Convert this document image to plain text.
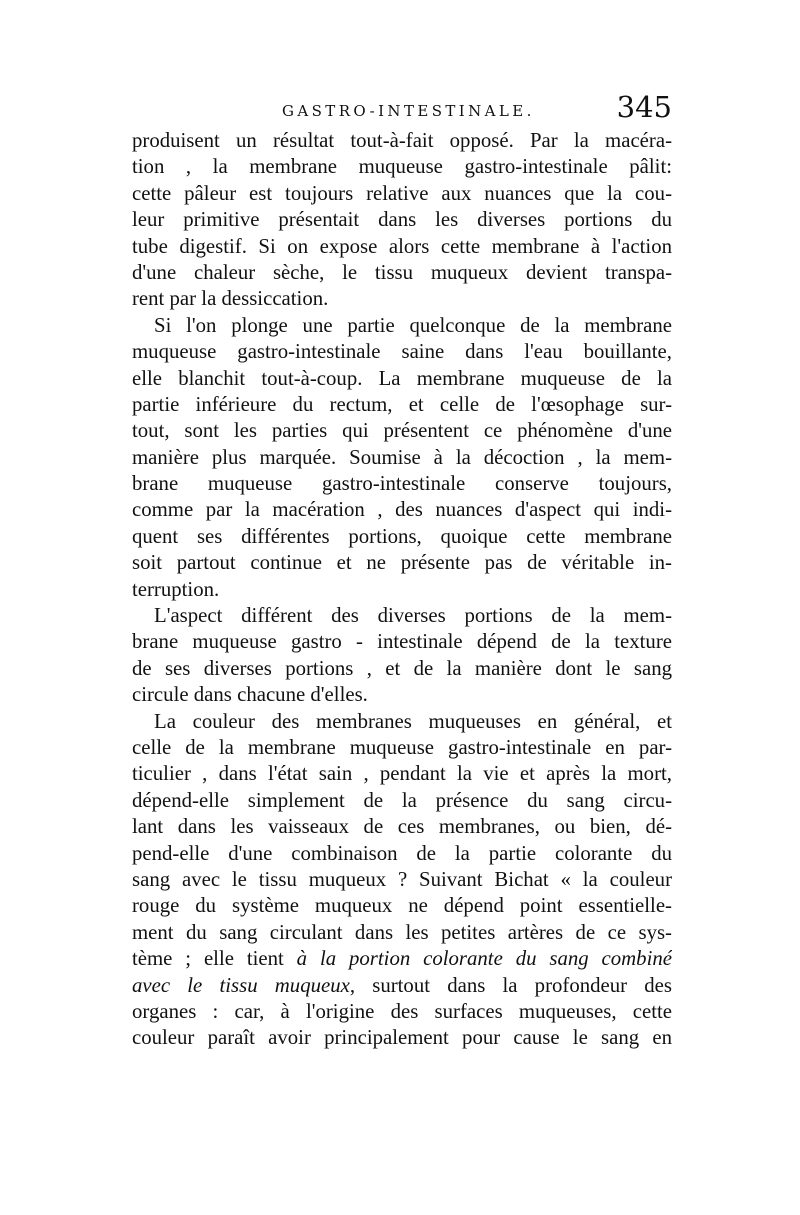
GASTRO-INTESTINALE.	345
produisent un résultat tout-à-fait opposé. Par la macéra-
tion , la membrane muqueuse gastro-intestinale pâlit:
cette pâleur est toujours relative aux nuances que la cou-
leur primitive présentait dans les diverses portions du
tube digestif. Si on expose alors cette membrane à l'action
d'une chaleur sèche, le tissu muqueux devient transpa-
rent par la dessiccation.
Si l'on plonge une partie quelconque de la membrane
muqueuse gastro-intestinale saine dans l'eau bouillante,
elle blanchit tout-à-coup. La membrane muqueuse de la
partie inférieure du rectum, et celle de l'œsophage sur-
tout, sont les parties qui présentent ce phénomène d'une
manière plus marquée. Soumise à la décoction , la mem-
brane muqueuse gastro-intestinale conserve toujours,
comme par la macération , des nuances d'aspect qui indi-
quent ses différentes portions, quoique cette membrane
soit partout continue et ne présente pas de véritable in-
terruption.
L'aspect différent des diverses portions de la mem-
brane muqueuse gastro - intestinale dépend de la texture
de ses diverses portions , et de la manière dont le sang
circule dans chacune d'elles.
La couleur des membranes muqueuses en général, et
celle de la membrane muqueuse gastro-intestinale en par-
ticulier , dans l'état sain , pendant la vie et après la mort,
dépend-elle simplement de la présence du sang circu-
lant dans les vaisseaux de ces membranes, ou bien, dé-
pend-elle d'une combinaison de la partie colorante du
sang avec le tissu muqueux ? Suivant Bichat « la couleur
rouge du système muqueux ne dépend point essentielle-
ment du sang circulant dans les petites artères de ce sys-
tème ; elle tient à la portion colorante du sang combiné
avec le tissu muqueux, surtout dans la profondeur des
organes : car, à l'origine des surfaces muqueuses, cette
couleur paraît avoir principalement pour cause le sang en
